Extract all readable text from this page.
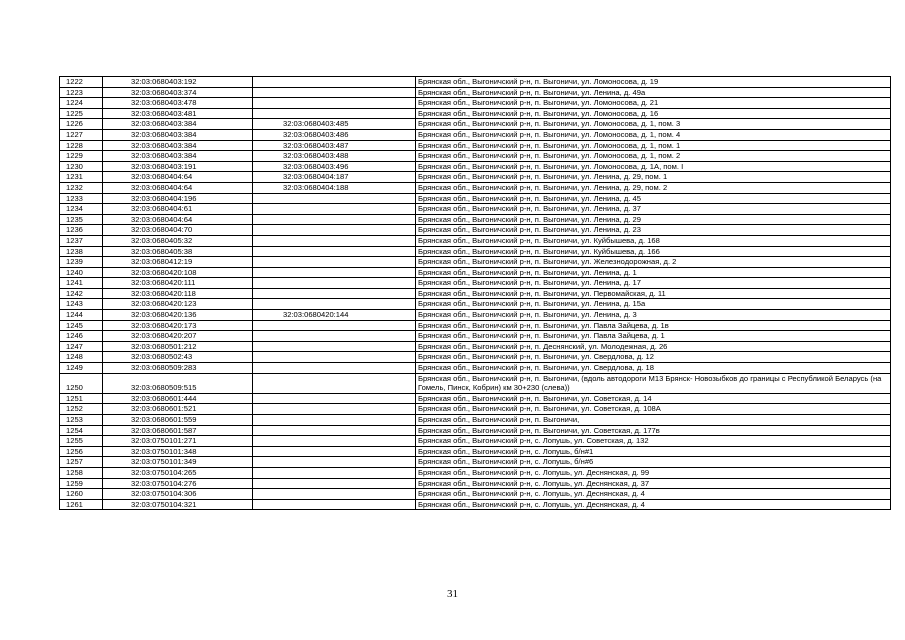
1222	32:03:0680403:192		Брянская обл., Выгоничский р-н, п. Выгоничи, ул. Ломоносова, д. 19
1223	32:03:0680403:374		Брянская обл., Выгоничский р-н, п. Выгоничи, ул. Ленина, д. 49а
1224	32:03:0680403:478		Брянская обл., Выгоничский р-н, п. Выгоничи, ул. Ломоносова, д. 21
1225	32:03:0680403:481		Брянская обл., Выгоничский р-н, п. Выгоничи, ул. Ломоносова, д. 16
1226	32:03:0680403:384	32:03:0680403:485	Брянская обл., Выгоничский р-н, п. Выгоничи, ул. Ломоносова, д. 1, пом. 3
1227	32:03:0680403:384	32:03:0680403:486	Брянская обл., Выгоничский р-н, п. Выгоничи, ул. Ломоносова, д. 1, пом. 4
1228	32:03:0680403:384	32:03:0680403:487	Брянская обл., Выгоничский р-н, п. Выгоничи, ул. Ломоносова, д. 1, пом. 1
1229	32:03:0680403:384	32:03:0680403:488	Брянская обл., Выгоничский р-н, п. Выгоничи, ул. Ломоносова, д. 1, пом. 2
1230	32:03:0680403:191	32:03:0680403:496	Брянская обл., Выгоничский р-н, п. Выгоничи, ул. Ломоносова, д. 1А, пом. I
1231	32:03:0680404:64	32:03:0680404:187	Брянская обл., Выгоничский р-н, п. Выгоничи, ул. Ленина, д. 29, пом. 1
1232	32:03:0680404:64	32:03:0680404:188	Брянская обл., Выгоничский р-н, п. Выгоничи, ул. Ленина, д. 29, пом. 2
1233	32:03:0680404:196		Брянская обл., Выгоничский р-н, п. Выгоничи, ул. Ленина, д. 45
1234	32:03:0680404:61		Брянская обл., Выгоничский р-н, п. Выгоничи, ул. Ленина, д. 37
1235	32:03:0680404:64		Брянская обл., Выгоничский р-н, п. Выгоничи, ул. Ленина, д. 29
1236	32:03:0680404:70		Брянская обл., Выгоничский р-н, п. Выгоничи, ул. Ленина, д. 23
1237	32:03:0680405:32		Брянская обл., Выгоничский р-н, п. Выгоничи, ул. Куйбышева, д. 168
1238	32:03:0680405:38		Брянская обл., Выгоничский р-н, п. Выгоничи, ул. Куйбышева, д. 166
1239	32:03:0680412:19		Брянская обл., Выгоничский р-н, п. Выгоничи, ул. Железнодорожная, д. 2
1240	32:03:0680420:108		Брянская обл., Выгоничский р-н, п. Выгоничи, ул. Ленина, д. 1
1241	32:03:0680420:111		Брянская обл., Выгоничский р-н, п. Выгоничи, ул. Ленина, д. 17
1242	32:03:0680420:118		Брянская обл., Выгоничский р-н, п. Выгоничи, ул. Первомайская, д. 11
1243	32:03:0680420:123		Брянская обл., Выгоничский р-н, п. Выгоничи, ул. Ленина, д. 15а
1244	32:03:0680420:136	32:03:0680420:144	Брянская обл., Выгоничский р-н, п. Выгоничи, ул. Ленина, д. 3
1245	32:03:0680420:173		Брянская обл., Выгоничский р-н, п. Выгоничи, ул. Павла Зайцева, д. 1в
1246	32:03:0680420:207		Брянская обл., Выгоничский р-н, п. Выгоничи, ул. Павла Зайцева, д. 1
1247	32:03:0680501:212		Брянская обл., Выгоничский р-н, п. Деснянский, ул. Молодежная, д. 26
1248	32:03:0680502:43		Брянская обл., Выгоничский р-н, п. Выгоничи, ул. Свердлова, д. 12
1249	32:03:0680509:283		Брянская обл., Выгоничский р-н, п. Выгоничи, ул. Свердлова, д. 18
1250	32:03:0680509:515		Брянская обл., Выгоничский р-н, п. Выгоничи, (вдоль автодороги М13 Брянск- Новозыбков до границы с Республикой Беларусь (на Гомель, Пинск, Кобрин) км 30+230 (слева))
1251	32:03:0680601:444		Брянская обл., Выгоничский р-н, п. Выгоничи, ул. Советская, д. 14
1252	32:03:0680601:521		Брянская обл., Выгоничский р-н, п. Выгоничи, ул. Советская, д. 108А
1253	32:03:0680601:559		Брянская обл., Выгоничский р-н, п. Выгоничи,
1254	32:03:0680601:587		Брянская обл., Выгоничский р-н, п. Выгоничи, ул. Советская, д. 177в
1255	32:03:0750101:271		Брянская обл., Выгоничский р-н, с. Лопушь, ул. Советская, д. 132
1256	32:03:0750101:348		Брянская обл., Выгоничский р-н, с. Лопушь, б/н#1
1257	32:03:0750101:349		Брянская обл., Выгоничский р-н, с. Лопушь, б/н#6
1258	32:03:0750104:265		Брянская обл., Выгоничский р-н, с. Лопушь, ул. Деснянская, д. 99
1259	32:03:0750104:276		Брянская обл., Выгоничский р-н, с. Лопушь, ул. Деснянская, д. 37
1260	32:03:0750104:306		Брянская обл., Выгоничский р-н, с. Лопушь, ул. Деснянская, д. 4
1261	32:03:0750104:321		Брянская обл., Выгоничский р-н, с. Лопушь, ул. Деснянская, д. 4
31
